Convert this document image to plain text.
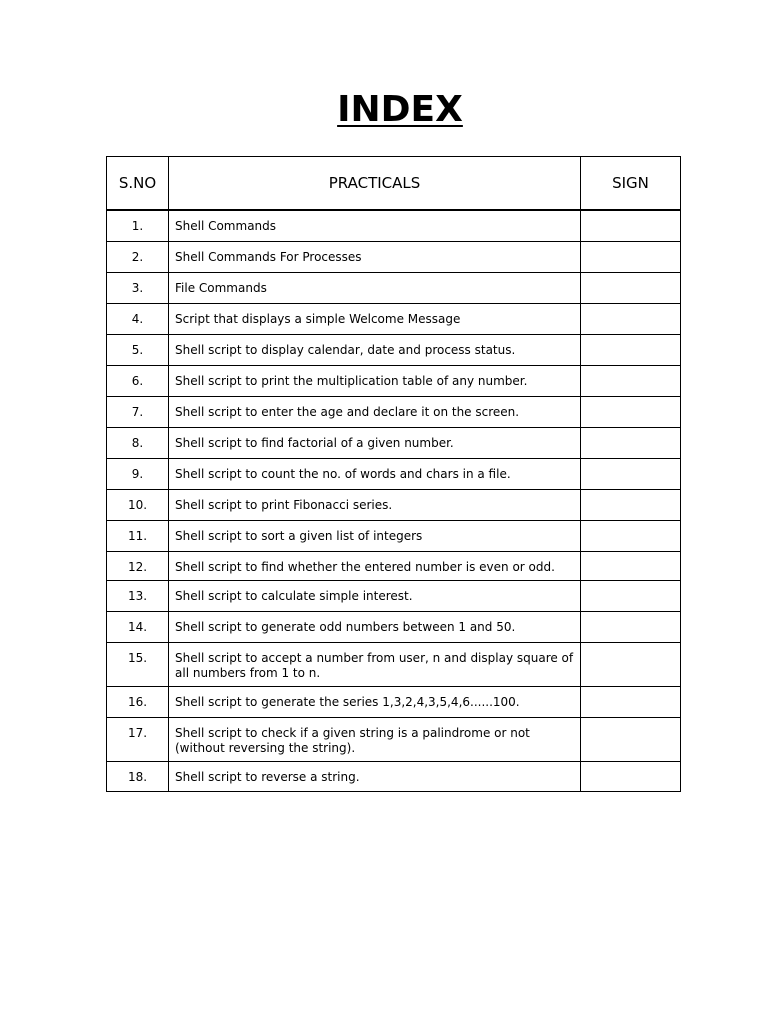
INDEX
S.NO	PRACTICALS	SIGN

1.	Shell Commands	
2.	Shell Commands For Processes	
3.	File Commands	
4.	Script that displays a simple Welcome Message	
5.	Shell script to display calendar, date and process status.	
6.	Shell script to print the multiplication table of any number.	
7.	Shell script to enter the age and declare it on the screen.	
8.	Shell script to find factorial of a given number.	
9.	Shell script to count the no. of words and chars in a file.	
10.	Shell script to print Fibonacci series.	
11.	Shell script to sort a given list of integers	
12.	Shell script to find whether the entered number is even or odd.	
13.	Shell script to calculate simple interest.	
14.	Shell script to generate odd numbers between 1 and 50.	
15.	Shell script to accept a number from user, n and display square of all numbers from 1 to n.	
16.	Shell script to generate the series 1,3,2,4,3,5,4,6......100.	
17.	Shell script to check if a given string is a palindrome or not (without reversing the string).	
18.	Shell script to reverse a string.	
